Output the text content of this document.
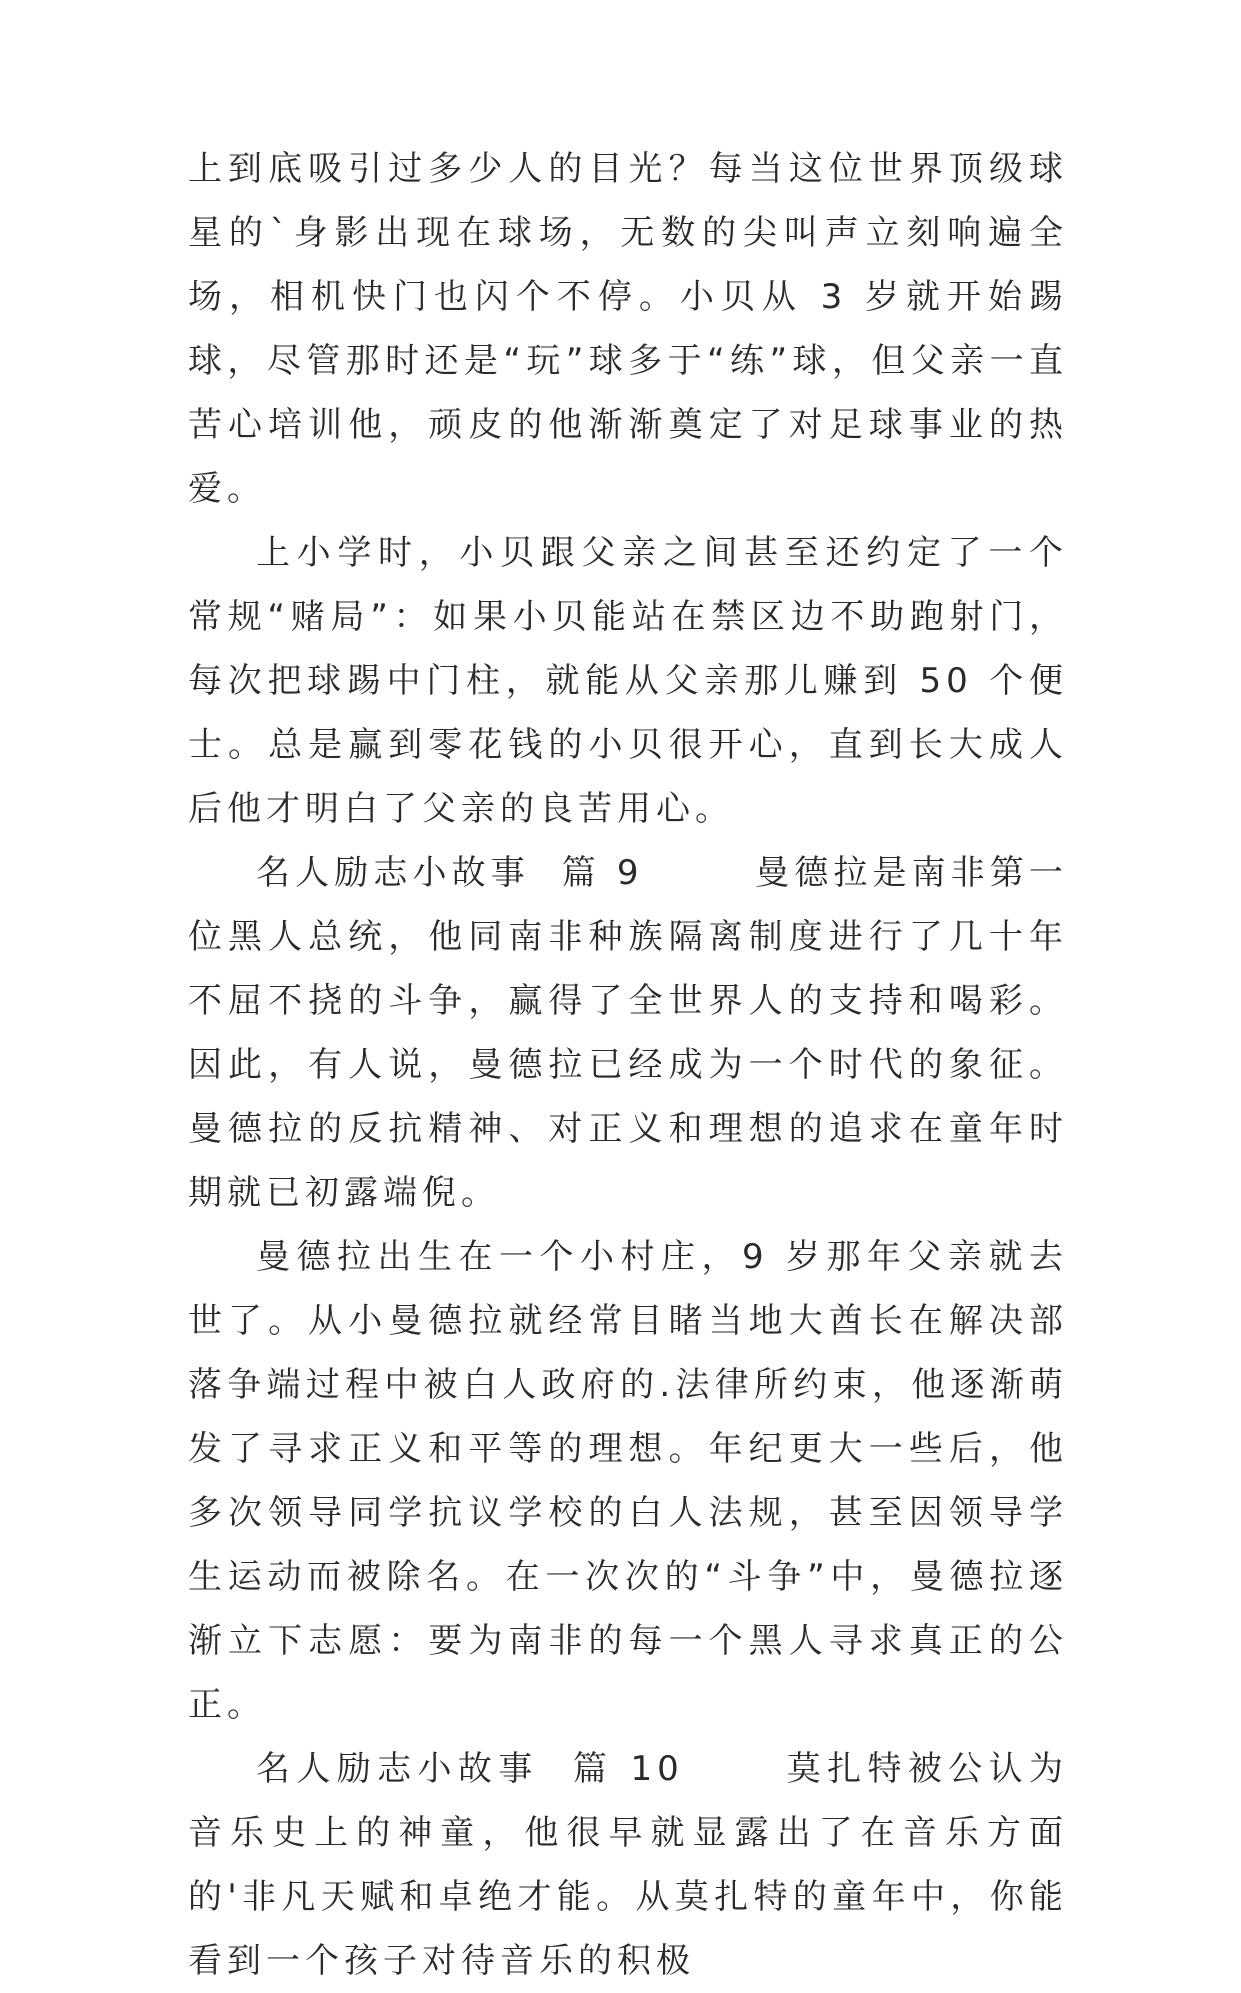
上到底吸引过多少人的目光？每当这位世界顶级球星的`身影出现在球场，无数的尖叫声立刻响遍全场，相机快门也闪个不停。小贝从 3 岁就开始踢球，尽管那时还是“玩”球多于“练”球，但父亲一直苦心培训他，顽皮的他渐渐奠定了对足球事业的热爱。

上小学时，小贝跟父亲之间甚至还约定了一个常规“赌局”：如果小贝能站在禁区边不助跑射门，每次把球踢中门柱，就能从父亲那儿赚到 50 个便士。总是赢到零花钱的小贝很开心，直到长大成人后他才明白了父亲的良苦用心。

名人励志小故事  篇 9	曼德拉是南非第一位黑人总统，他同南非种族隔离制度进行了几十年不屈不挠的斗争，赢得了全世界人的支持和喝彩。因此，有人说，曼德拉已经成为一个时代的象征。曼德拉的反抗精神、对正义和理想的追求在童年时期就已初露端倪。

曼德拉出生在一个小村庄，9 岁那年父亲就去世了。从小曼德拉就经常目睹当地大酋长在解决部落争端过程中被白人政府的.法律所约束，他逐渐萌发了寻求正义和平等的理想。年纪更大一些后，他多次领导同学抗议学校的白人法规，甚至因领导学生运动而被除名。在一次次的“斗争”中，曼德拉逐渐立下志愿：要为南非的每一个黑人寻求真正的公正。

名人励志小故事  篇 10	莫扎特被公认为音乐史上的神童，他很早就显露出了在音乐方面的'非凡天赋和卓绝才能。从莫扎特的童年中，你能看到一个孩子对待音乐的积极
